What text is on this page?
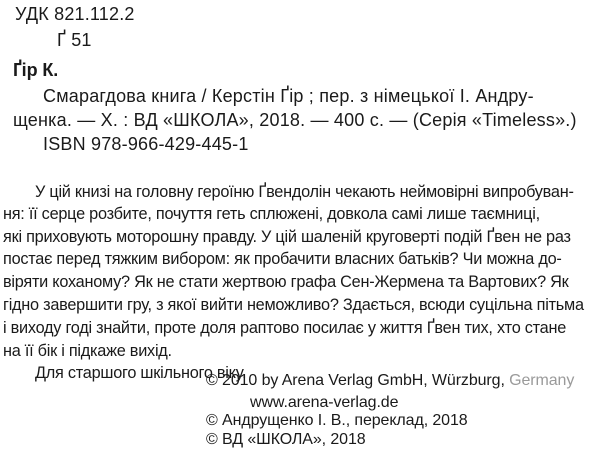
УДК 821.112.2
Ґ 51
Ґір К.
Смарагдова книга / Керстін Ґір ; пер. з німецької І. Андру-
щенка. — Х. : ВД «ШКОЛА», 2018. — 400 с. — (Серія «Timeless».)
ISBN 978-966-429-445-1
У цій книзі на головну героїню Ґвендолін чекають неймовірні випробуван-
ня: її серце розбите, почуття геть сплюжені, довкола самі лише таємниці,
які приховують моторошну правду. У цій шаленій круговерті подій Ґвен не раз
постає перед тяжким вибором: як пробачити власних батьків? Чи можна до-
віряти коханому? Як не стати жертвою графа Сен-Жермена та Вартових? Як
гідно завершити гру, з якої вийти неможливо? Здається, всюди суцільна пітьма
і виходу годі знайти, проте доля раптово посилає у життя Ґвен тих, хто стане
на її бік і підкаже вихід.
Для старшого шкільного віку.
© 2010 by Arena Verlag GmbH, Würzburg, Germany
www.arena-verlag.de
© Андрущенко І. В., переклад, 2018
© ВД «ШКОЛА», 2018
